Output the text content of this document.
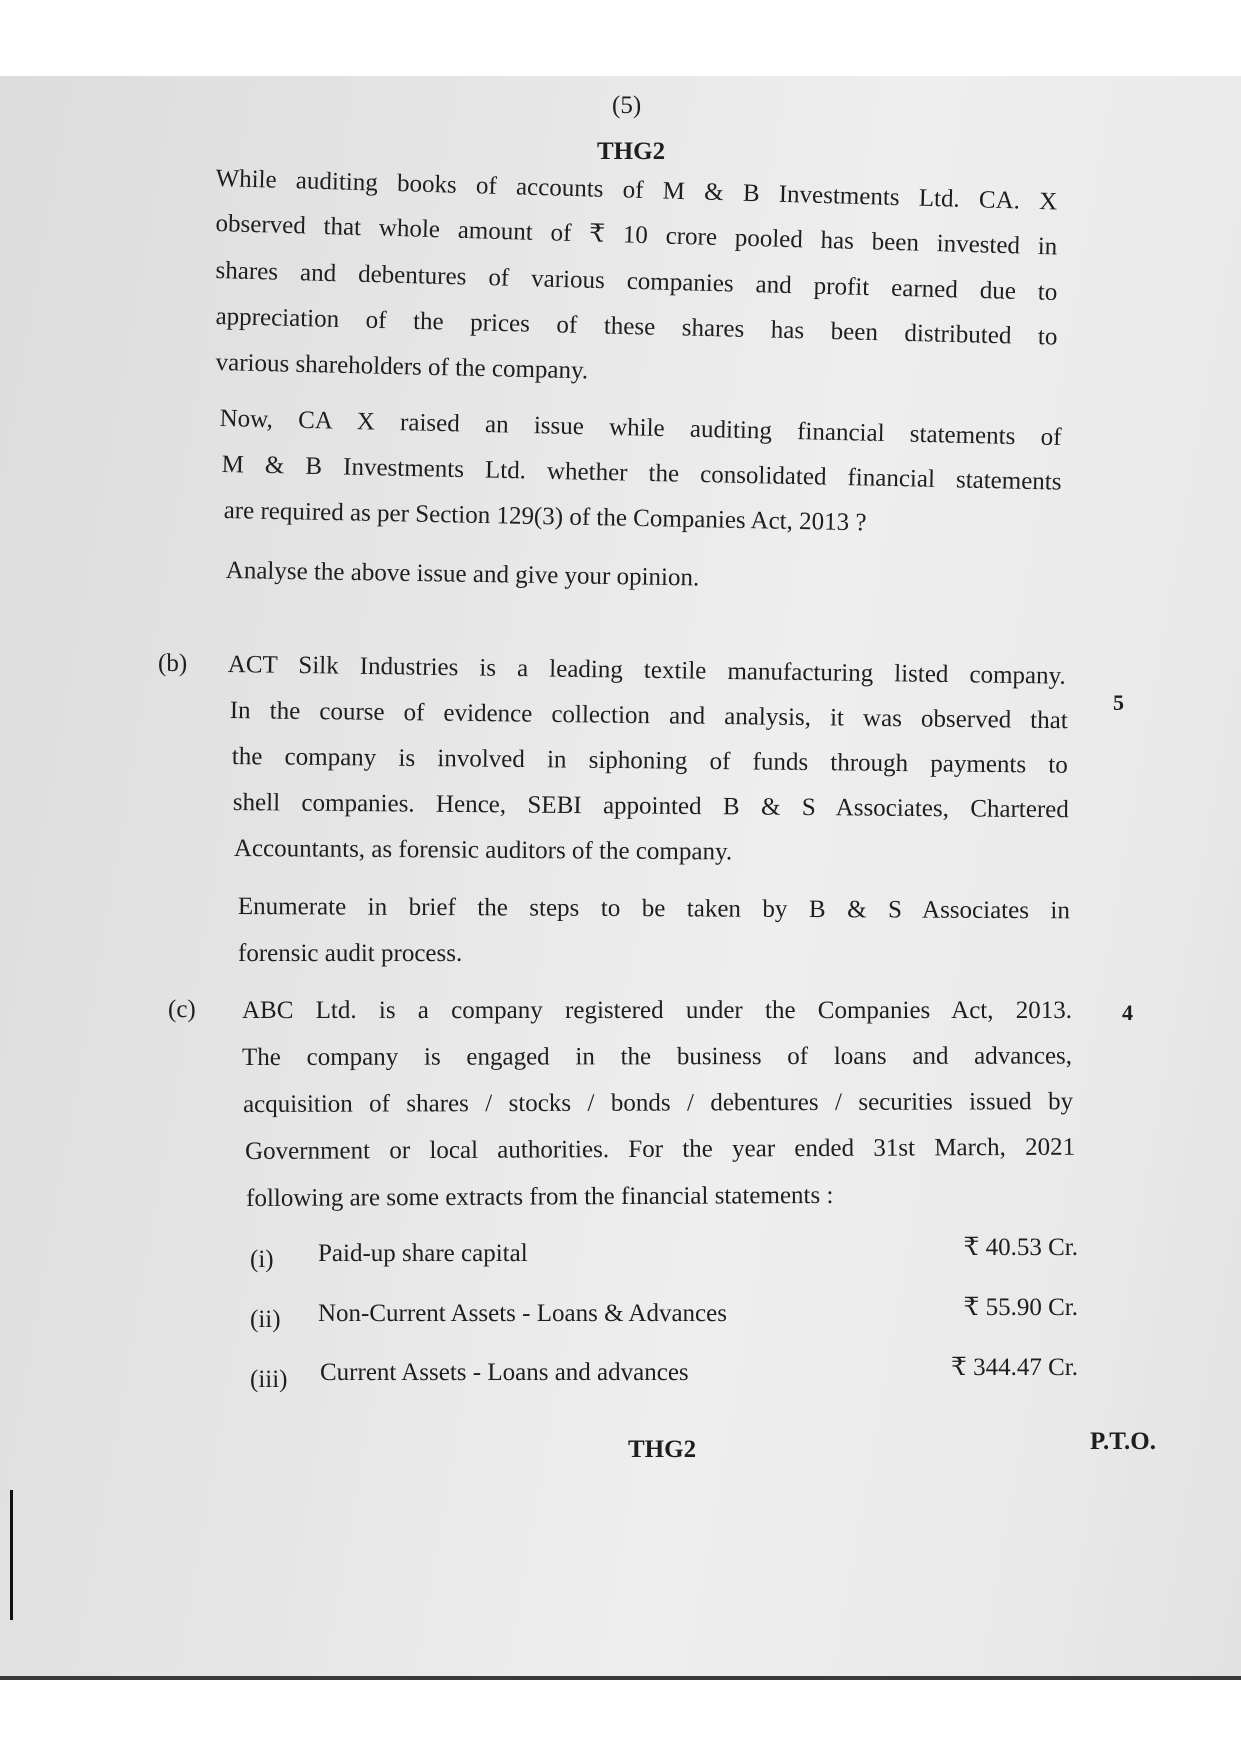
(5)
THG2
While auditing books of accounts of M & B Investments Ltd. CA. X
observed that whole amount of ₹ 10 crore pooled has been invested in
shares and debentures of various companies and profit earned due to
appreciation of the prices of these shares has been distributed to
various shareholders of the company.
Now, CA X raised an issue while auditing financial statements of
M & B Investments Ltd. whether the consolidated financial statements
are required as per Section 129(3) of the Companies Act, 2013 ?
Analyse the above issue and give your opinion.
(b)
5
ACT Silk Industries is a leading textile manufacturing listed company.
In the course of evidence collection and analysis, it was observed that
the company is involved in siphoning of funds through payments to
shell companies. Hence, SEBI appointed B & S Associates, Chartered
Accountants, as forensic auditors of the company.
Enumerate in brief the steps to be taken by B & S Associates in
forensic audit process.
(c)	4
ABC Ltd. is a company registered under the Companies Act, 2013.
The company is engaged in the business of loans and advances,
acquisition of shares / stocks / bonds / debentures / securities issued by
Government or local authorities. For the year ended 31st March, 2021
following are some extracts from the financial statements :
(i) Paid-up share capital	₹ 40.53 Cr.
(ii) Non-Current Assets - Loans & Advances	₹ 55.90 Cr.
(iii) Current Assets - Loans and advances	₹ 344.47 Cr.
THG2	P.T.O.
